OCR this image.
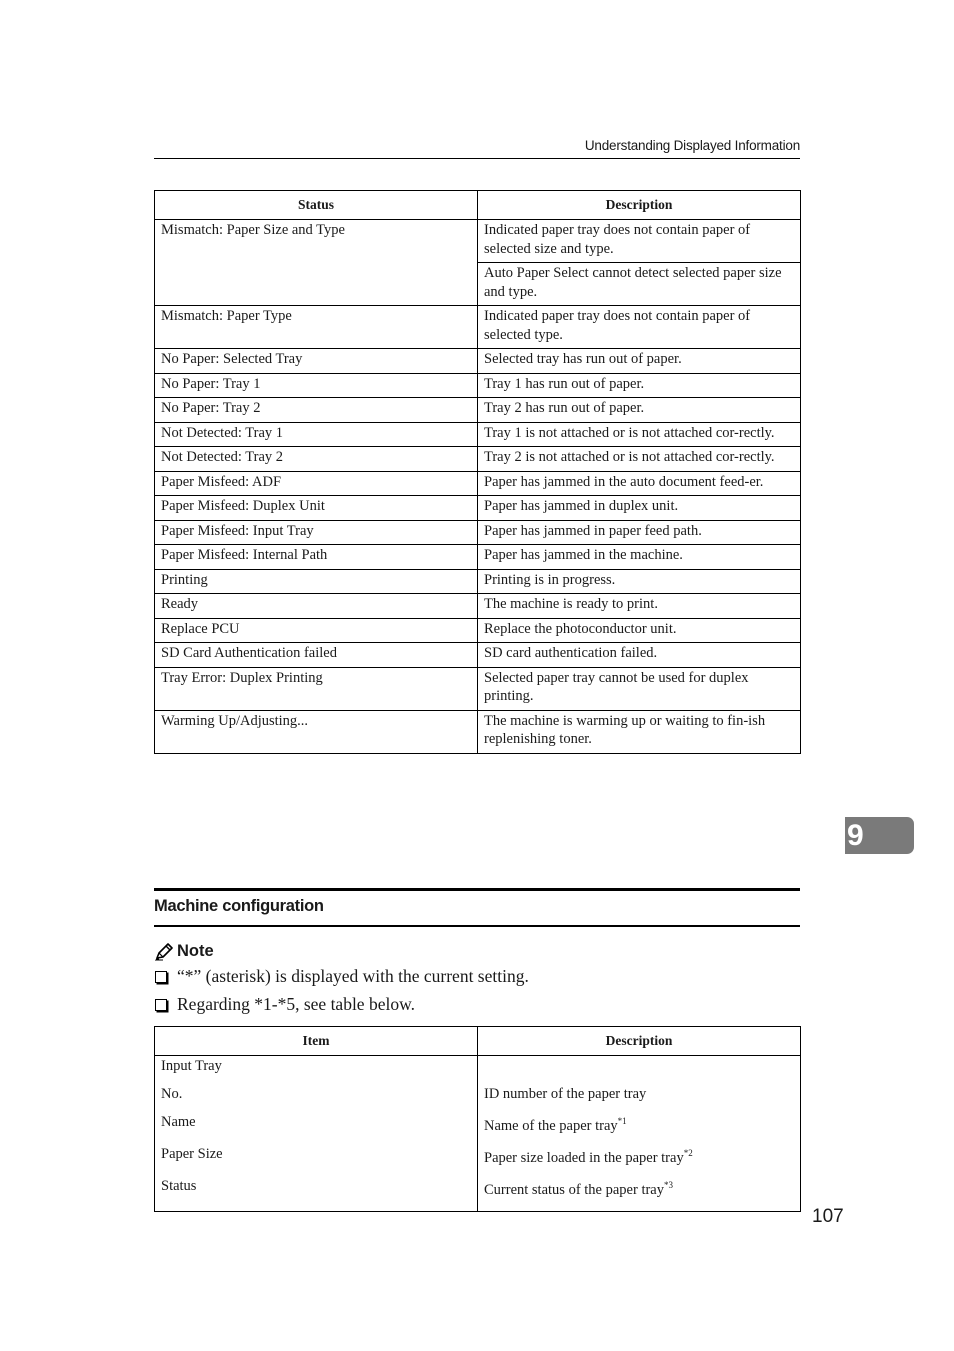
Understanding Displayed Information
Status	Description
Mismatch: Paper Size and Type	Indicated paper tray does not contain paper of selected size and type.
	Auto Paper Select cannot detect selected paper size and type.
Mismatch: Paper Type	Indicated paper tray does not contain paper of selected type.
No Paper: Selected Tray	Selected tray has run out of paper.
No Paper: Tray 1	Tray 1 has run out of paper.
No Paper: Tray 2	Tray 2 has run out of paper.
Not Detected: Tray 1	Tray 1 is not attached or is not attached cor-rectly.
Not Detected: Tray 2	Tray 2 is not attached or is not attached cor-rectly.
Paper Misfeed: ADF	Paper has jammed in the auto document feed-er.
Paper Misfeed: Duplex Unit	Paper has jammed in duplex unit.
Paper Misfeed: Input Tray	Paper has jammed in paper feed path.
Paper Misfeed: Internal Path	Paper has jammed in the machine.
Printing	Printing is in progress.
Ready	The machine is ready to print.
Replace PCU	Replace the photoconductor unit.
SD Card Authentication failed	SD card authentication failed.
Tray Error: Duplex Printing	Selected paper tray cannot be used for duplex printing.
Warming Up/Adjusting...	The machine is warming up or waiting to fin-ish replenishing toner.
Machine configuration
Note
“*” (asterisk) is displayed with the current setting.
Regarding *1-*5, see table below.
Item	Description
Input Tray	
No.	ID number of the paper tray
Name	Name of the paper tray$^{*1}$
Paper Size	Paper size loaded in the paper tray$^{*2}$
Status	Current status of the paper tray$^{*3}$
9
107
